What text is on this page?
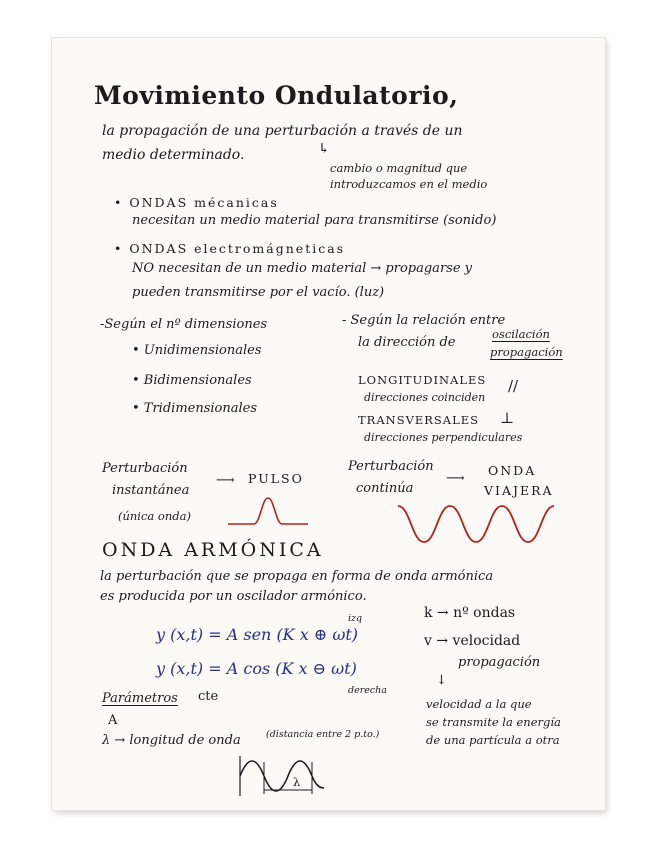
Movimiento Ondulatorio,
la propagación de una perturbación a través de un
medio determinado.	↳
cambio o magnitud que
introduzcamos en el medio
• ONDAS mécanicas
necesitan un medio material para transmitirse (sonido)
• ONDAS electromágneticas
NO necesitan de un medio material → propagarse y
pueden transmitirse por el vacío. (luz)
-Según el nº dimensiones
• Unidimensionales
• Bidimensionales
• Tridimensionales
- Según la relación entre
la dirección de
oscilación
propagación
LONGITUDINALES //
direcciones coinciden
TRANSVERSALES ⊥
direcciones perpendiculares
Perturbación
instantánea
⟶ PULSO
(única onda)
Perturbación
continúa
⟶
ONDA
VIAJERA
ONDA ARMÓNICA
la perturbación que se propaga en forma de onda armónica
es producida por un oscilador armónico.
y (x,t) = A sen (K x ⊕ ωt)
izq
y (x,t) = A cos (K x ⊖ ωt)
derecha
Parámetros cte
A
λ → longitud de onda	(distancia entre 2 p.to.)
λ
k → nº ondas
v → velocidad
propagación
↓
velocidad a la que
se transmite la energía
de una partícula a otra
